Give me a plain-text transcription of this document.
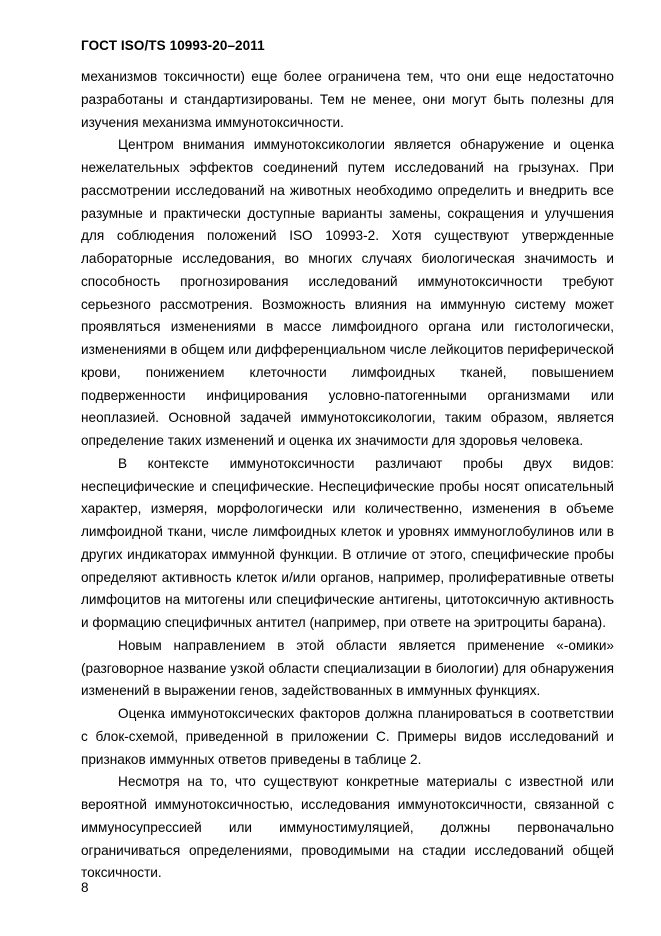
ГОСТ ISO/TS 10993-20–2011

механизмов токсичности) еще более ограничена тем, что они еще недостаточно разработаны и стандартизированы. Тем не менее, они могут быть полезны для изучения механизма иммунотоксичности.

Центром внимания иммунотоксикологии является обнаружение и оценка нежелательных эффектов соединений путем исследований на грызунах. При рассмотрении исследований на животных необходимо определить и внедрить все разумные и практически доступные варианты замены, сокращения и улучшения для соблюдения положений ISO 10993-2. Хотя существуют утвержденные лабораторные исследования, во многих случаях биологическая значимость и способность прогнозирования исследований иммунотоксичности требуют серьезного рассмотрения. Возможность влияния на иммунную систему может проявляться изменениями в массе лимфоидного органа или гистологически, изменениями в общем или дифференциальном числе лейкоцитов периферической крови, понижением клеточности лимфоидных тканей, повышением подверженности инфицирования условно-патогенными организмами или неоплазией. Основной задачей иммунотоксикологии, таким образом, является определение таких изменений и оценка их значимости для здоровья человека.

В контексте иммунотоксичности различают пробы двух видов: неспецифические и специфические. Неспецифические пробы носят описательный характер, измеряя, морфологически или количественно, изменения в объеме лимфоидной ткани, числе лимфоидных клеток и уровнях иммуноглобулинов или в других индикаторах иммунной функции. В отличие от этого, специфические пробы определяют активность клеток и/или органов, например, пролиферативные ответы лимфоцитов на митогены или специфические антигены, цитотоксичную активность и формацию специфичных антител (например, при ответе на эритроциты барана).

Новым направлением в этой области является применение «-омики» (разговорное название узкой области специализации в биологии) для обнаружения изменений в выражении генов, задействованных в иммунных функциях.

Оценка иммунотоксических факторов должна планироваться в соответствии с блок-схемой, приведенной в приложении C. Примеры видов исследований и признаков иммунных ответов приведены в таблице 2.

Несмотря на то, что существуют конкретные материалы с известной или вероятной иммунотоксичностью, исследования иммунотоксичности, связанной с иммуносупрессией или иммуностимуляцией, должны первоначально ограничиваться определениями, проводимыми на стадии исследований общей токсичности.

8
